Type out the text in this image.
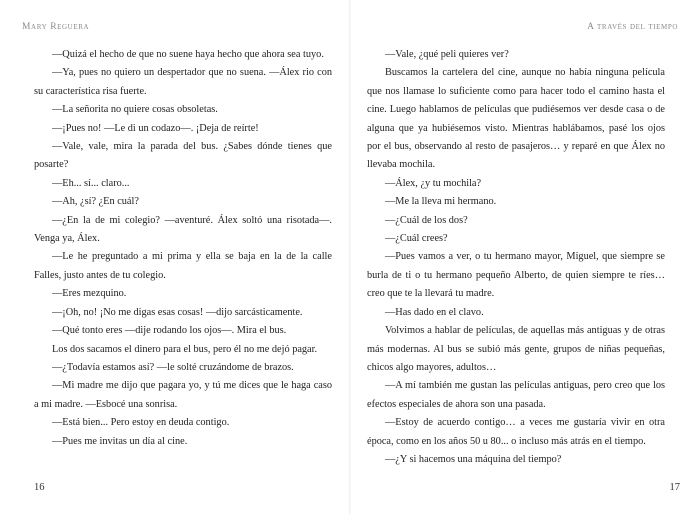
Mary Reguera

—Quizá el hecho de que no suene haya hecho que ahora sea tuyo.

—Ya, pues no quiero un despertador que no suena. —Álex rio con su característica risa fuerte.

—La señorita no quiere cosas obsoletas.

—¡Pues no! —Le di un codazo—. ¡Deja de reírte!

—Vale, vale, mira la parada del bus. ¿Sabes dónde tienes que posarte?

—Eh... sí... claro...

—Ah, ¿sí? ¿En cuál?

—¿En la de mi colegio? —aventuré. Álex soltó una risotada—. Venga ya, Álex.

—Le he preguntado a mi prima y ella se baja en la de la calle Falles, justo antes de tu colegio.

—Eres mezquino.

—¡Oh, no! ¡No me digas esas cosas! —dijo sarcásticamente.

—Qué tonto eres —dije rodando los ojos—. Mira el bus.

Los dos sacamos el dinero para el bus, pero él no me dejó pagar.

—¿Todavía estamos así? —le solté cruzándome de brazos.

—Mi madre me dijo que pagara yo, y tú me dices que le haga caso a mi madre. —Esbocé una sonrisa.

—Está bien... Pero estoy en deuda contigo.

—Pues me invitas un día al cine.

16
A través del tiempo

—Vale, ¿qué peli quieres ver?

Buscamos la cartelera del cine, aunque no había ninguna película que nos llamase lo suficiente como para hacer todo el camino hasta el cine. Luego hablamos de películas que pudiésemos ver desde casa o de alguna que ya hubiésemos visto. Mientras hablábamos, pasé los ojos por el bus, observando al resto de pasajeros… y reparé en que Álex no llevaba mochila.

—Álex, ¿y tu mochila?

—Me la lleva mi hermano.

—¿Cuál de los dos?

—¿Cuál crees?

—Pues vamos a ver, o tu hermano mayor, Miguel, que siempre se burla de ti o tu hermano pequeño Alberto, de quien siempre te ríes… creo que te la llevará tu madre.

—Has dado en el clavo.

Volvimos a hablar de películas, de aquellas más antiguas y de otras más modernas. Al bus se subió más gente, grupos de niñas pequeñas, chicos algo mayores, adultos…

—A mí también me gustan las películas antiguas, pero creo que los efectos especiales de ahora son una pasada.

—Estoy de acuerdo contigo… a veces me gustaría vivir en otra época, como en los años 50 u 80... o incluso más atrás en el tiempo.

—¿Y si hacemos una máquina del tiempo?

17
